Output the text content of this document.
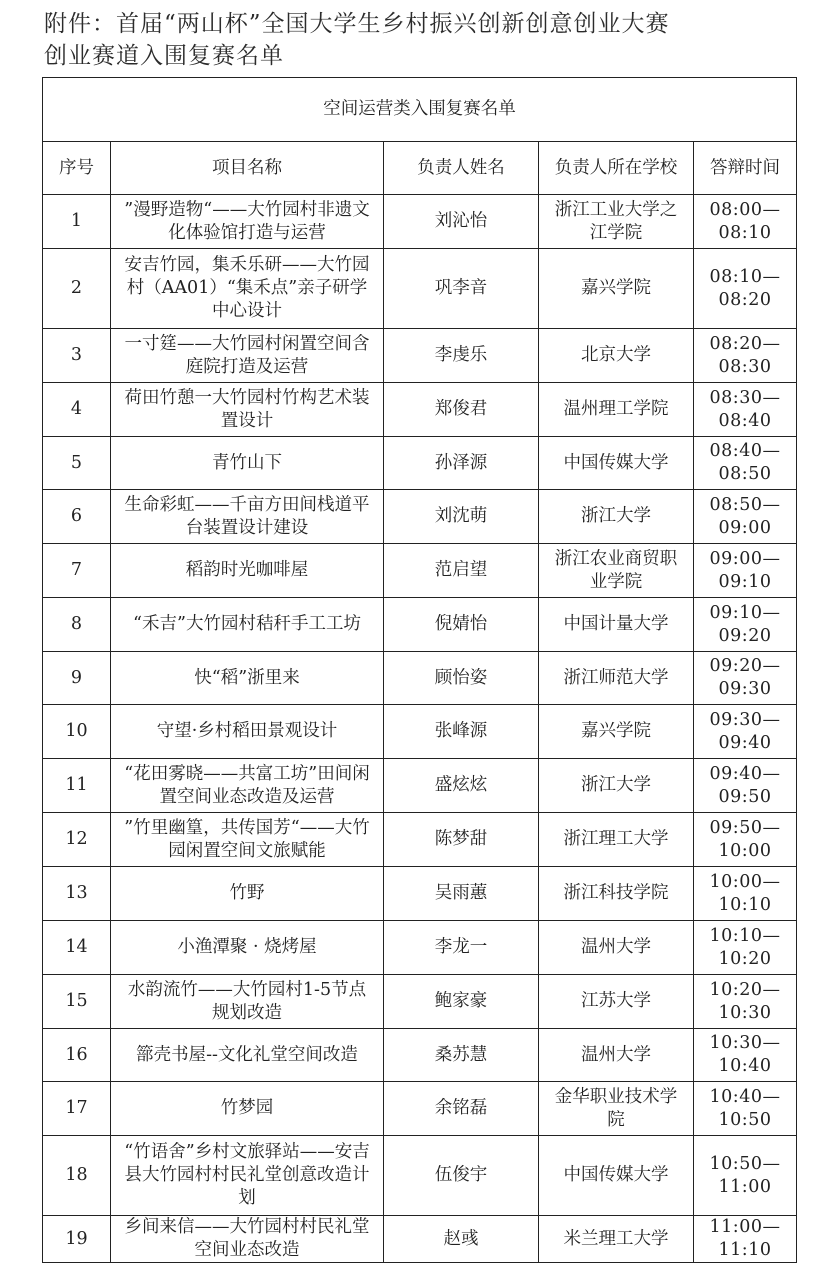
附件：首届“两山杯”全国大学生乡村振兴创新创意创业大赛
创业赛道入围复赛名单
空间运营类入围复赛名单				
序号	项目名称	负责人姓名	负责人所在学校	答辩时间
1	”漫野造物“——大竹园村非遗文化体验馆打造与运营	刘沁怡	浙江工业大学之江学院	08:00—08:10
2	安吉竹园，集禾乐研——大竹园村（AA01）“集禾点”亲子研学中心设计	巩李音	嘉兴学院	08:10—08:20
3	一寸筳——大竹园村闲置空间含庭院打造及运营	李虔乐	北京大学	08:20—08:30
4	荷田竹憩一大竹园村竹构艺术装置设计	郑俊君	温州理工学院	08:30—08:40
5	青竹山下	孙泽源	中国传媒大学	08:40—08:50
6	生命彩虹——千亩方田间栈道平台装置设计建设	刘沈萌	浙江大学	08:50—09:00
7	稻韵时光咖啡屋	范启望	浙江农业商贸职业学院	09:00—09:10
8	“禾吉”大竹园村秸秆手工工坊	倪婧怡	中国计量大学	09:10—09:20
9	快“稻”浙里来	顾怡姿	浙江师范大学	09:20—09:30
10	守望·乡村稻田景观设计	张峰源	嘉兴学院	09:30—09:40
11	“花田雾晓——共富工坊”田间闲置空间业态改造及运营	盛炫炫	浙江大学	09:40—09:50
12	”竹里幽篁，共传国芳“——大竹园闲置空间文旅赋能	陈梦甜	浙江理工大学	09:50—10:00
13	竹野	吴雨蕙	浙江科技学院	10:00—10:10
14	小渔潭聚 · 烧烤屋	李龙一	温州大学	10:10—10:20
15	水韵流竹——大竹园村1-5节点规划改造	鲍家豪	江苏大学	10:20—10:30
16	篰壳书屋--文化礼堂空间改造	桑苏慧	温州大学	10:30—10:40
17	竹梦园	余铭磊	金华职业技术学院	10:40—10:50
18	“竹语舍”乡村文旅驿站——安吉县大竹园村村民礼堂创意改造计划	伍俊宇	中国传媒大学	10:50—11:00
19	乡间来信——大竹园村村民礼堂空间业态改造	赵彧	米兰理工大学	11:00—11:10
